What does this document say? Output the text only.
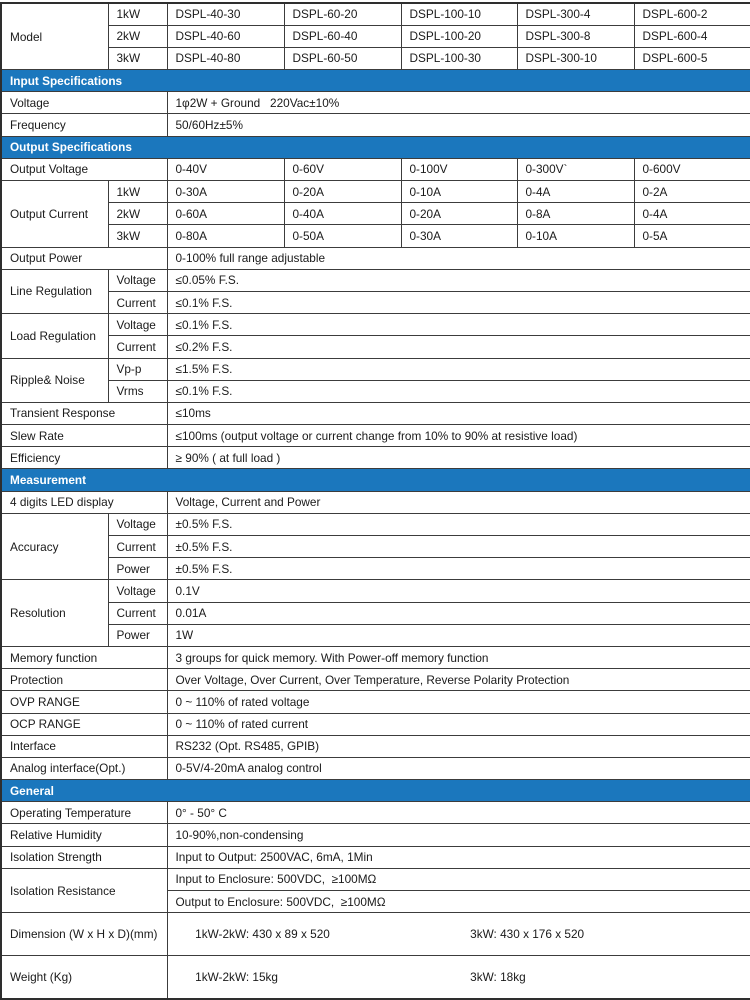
Model	1kW	DSPL-40-30	DSPL-60-20	DSPL-100-10	DSPL-300-4	DSPL-600-2
	2kW	DSPL-40-60	DSPL-60-40	DSPL-100-20	DSPL-300-8	DSPL-600-4
	3kW	DSPL-40-80	DSPL-60-50	DSPL-100-30	DSPL-300-10	DSPL-600-5
Input Specifications						
Voltage		1φ2W + Ground   220Vac±10%				
Frequency		50/60Hz±5%				
Output Specifications						
Output Voltage		0-40V	0-60V	0-100V	0-300V`	0-600V
Output Current	1kW	0-30A	0-20A	0-10A	0-4A	0-2A
	2kW	0-60A	0-40A	0-20A	0-8A	0-4A
	3kW	0-80A	0-50A	0-30A	0-10A	0-5A
Output Power		0-100% full range adjustable				
Line Regulation	Voltage	≤0.05% F.S.				
	Current	≤0.1% F.S.				
Load Regulation	Voltage	≤0.1% F.S.				
	Current	≤0.2% F.S.				
Ripple& Noise	Vp-p	≤1.5% F.S.				
	Vrms	≤0.1% F.S.				
Transient Response		≤10ms				
Slew Rate		≤100ms (output voltage or current change from 10% to 90% at resistive load)				
Efficiency		≥ 90% ( at full load )				
Measurement						
4 digits LED display		Voltage, Current and Power				
Accuracy	Voltage	±0.5% F.S.				
	Current	±0.5% F.S.				
	Power	±0.5% F.S.				
Resolution	Voltage	0.1V				
	Current	0.01A				
	Power	1W				
Memory function		3 groups for quick memory. With Power-off memory function				
Protection		Over Voltage, Over Current, Over Temperature, Reverse Polarity Protection				
OVP RANGE		0 ~ 110% of rated voltage				
OCP RANGE		0 ~ 110% of rated current				
Interface		RS232 (Opt. RS485, GPIB)				
Analog interface(Opt.)		0-5V/4-20mA analog control				
General						
Operating Temperature		0° - 50° C				
Relative Humidity		10-90%,non-condensing				
Isolation Strength		Input to Output: 2500VAC, 6mA, 1Min				
Isolation Resistance		Input to Enclosure: 500VDC,  ≥100MΩ				
		Output to Enclosure: 500VDC,  ≥100MΩ				
Dimension (W x H x D)(mm)		1kW-2kW: 430 x 89 x 520 3kW: 430 x 176 x 520				

Weight (Kg)		1kW-2kW: 15kg 3kW: 18kg				
